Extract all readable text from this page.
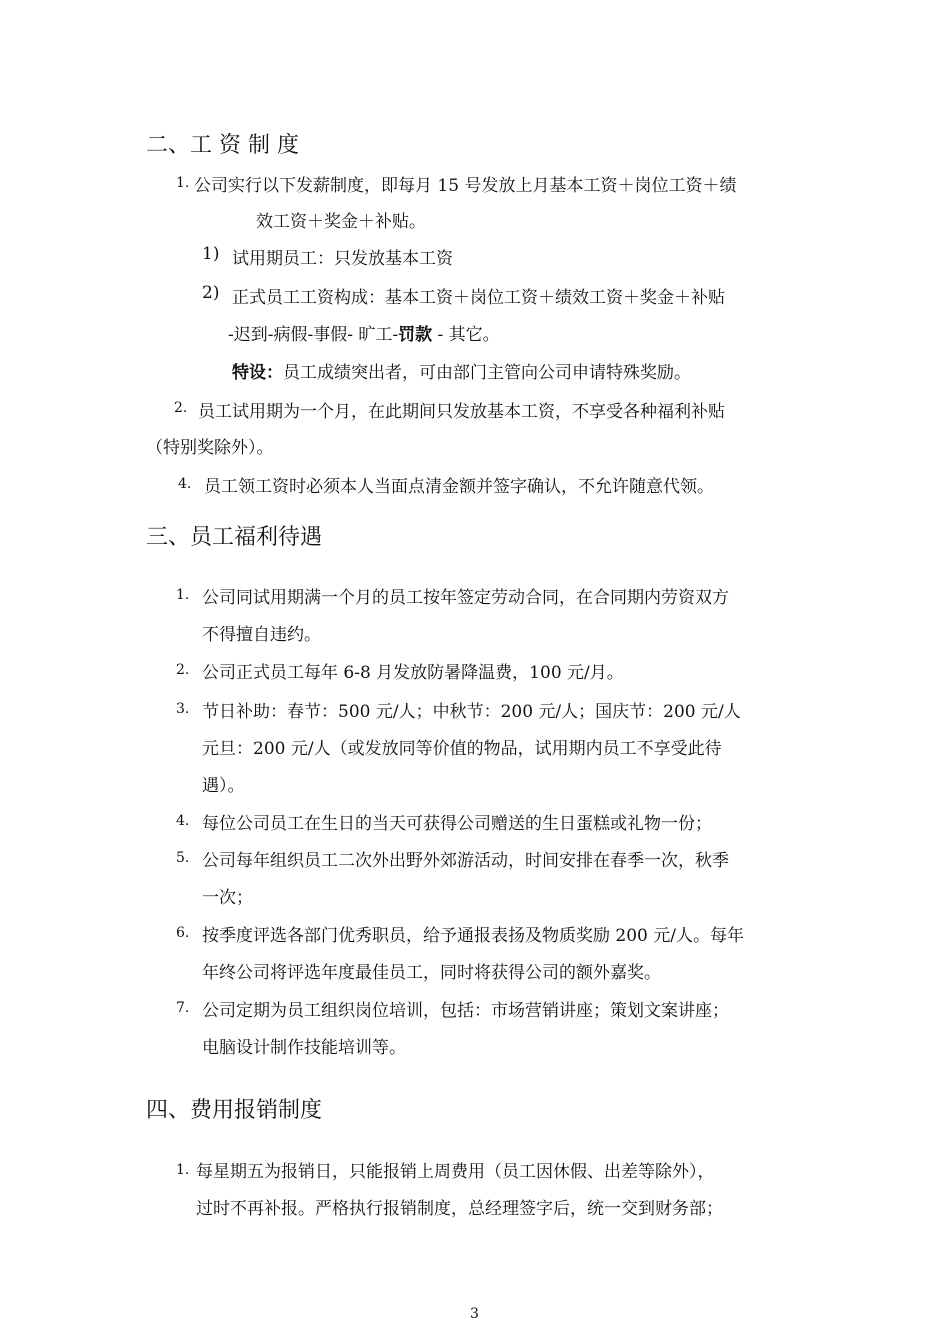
二、工 资 制 度
1. 公司实行以下发薪制度，即每月 15 号发放上月基本工资＋岗位工资＋绩
效工资＋奖金＋补贴。
1) 试用期员工：只发放基本工资
2) 正式员工工资构成：基本工资＋岗位工资＋绩效工资＋奖金＋补贴
-迟到-病假-事假- 旷工-罚款 - 其它。
特设：员工成绩突出者，可由部门主管向公司申请特殊奖励。
2. 员工试用期为一个月，在此期间只发放基本工资，不享受各种福利补贴
（特别奖除外）。
4. 员工领工资时必须本人当面点清金额并签字确认，不允许随意代领。
三、员工福利待遇
1. 公司同试用期满一个月的员工按年签定劳动合同，在合同期内劳资双方
不得擅自违约。
2. 公司正式员工每年 6-8 月发放防暑降温费，100 元/月。
3. 节日补助：春节：500 元/人；中秋节：200 元/人；国庆节：200 元/人
元旦：200 元/人（或发放同等价值的物品，试用期内员工不享受此待
遇）。
4. 每位公司员工在生日的当天可获得公司赠送的生日蛋糕或礼物一份；
5. 公司每年组织员工二次外出野外郊游活动，时间安排在春季一次，秋季
一次；
6. 按季度评选各部门优秀职员，给予通报表扬及物质奖励 200 元/人。每年
年终公司将评选年度最佳员工，同时将获得公司的额外嘉奖。
7. 公司定期为员工组织岗位培训，包括：市场营销讲座；策划文案讲座；
电脑设计制作技能培训等。
四、费用报销制度
1. 每星期五为报销日，只能报销上周费用（员工因休假、出差等除外），
过时不再补报。严格执行报销制度，总经理签字后，统一交到财务部；
3
